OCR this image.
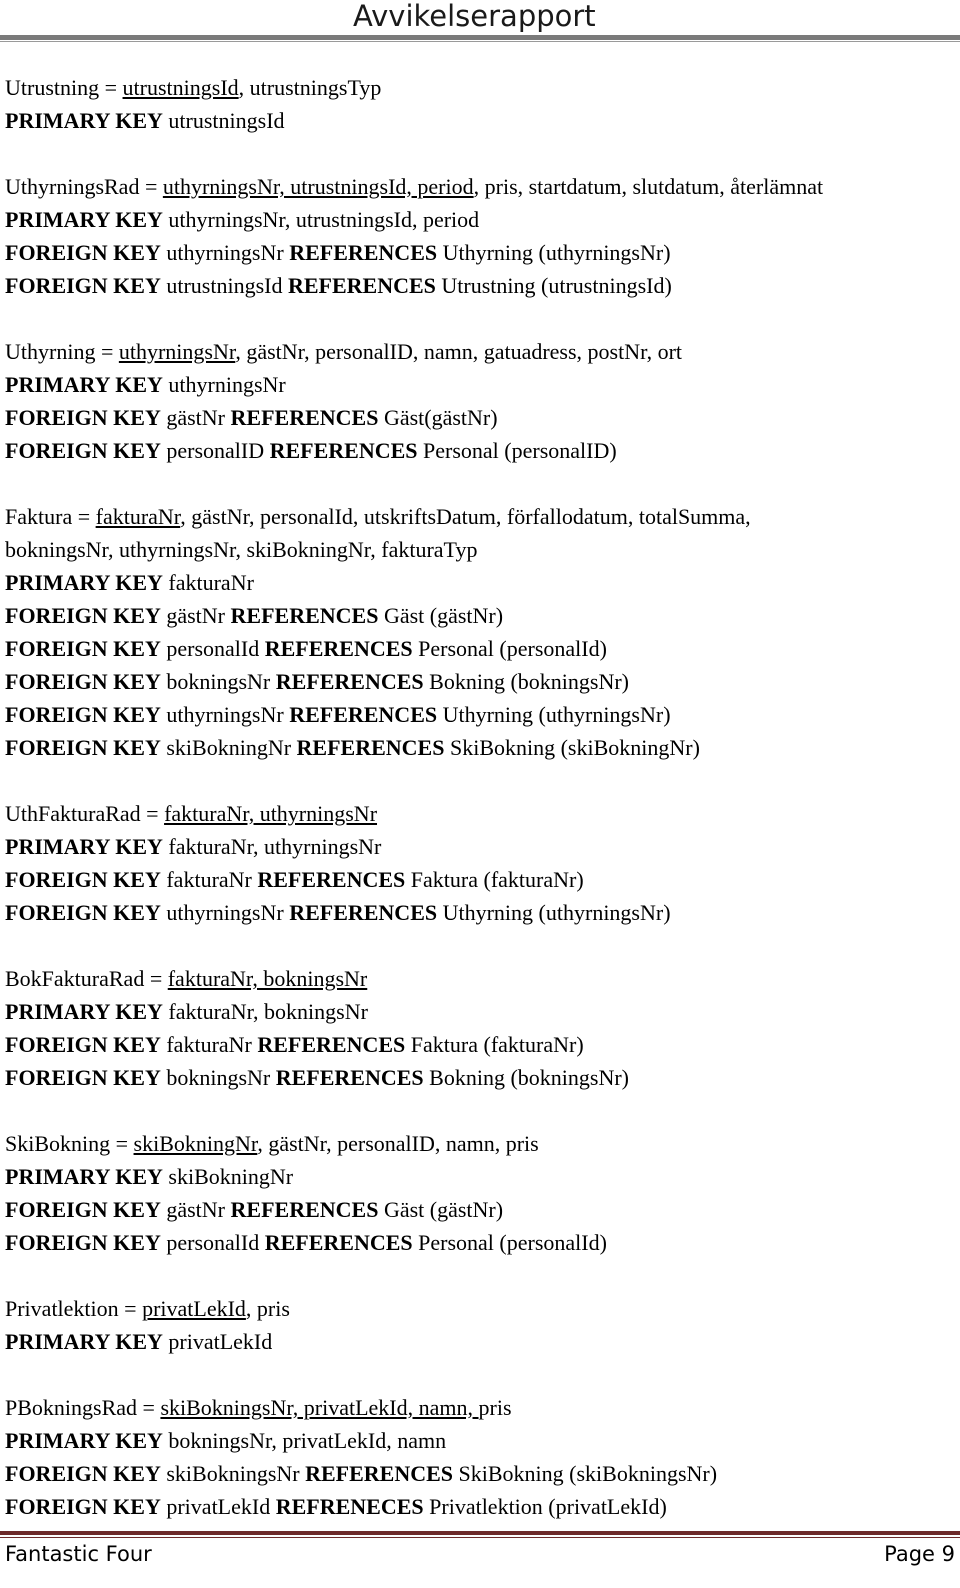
Avvikelserapport
Utrustning = utrustningsId, utrustningsTyp
PRIMARY KEY utrustningsId
UthyrningsRad = uthyrningsNr, utrustningsId, period, pris, startdatum, slutdatum, återlämnat
PRIMARY KEY uthyrningsNr, utrustningsId, period
FOREIGN KEY uthyrningsNr REFERENCES Uthyrning (uthyrningsNr)
FOREIGN KEY utrustningsId REFERENCES Utrustning (utrustningsId)
Uthyrning = uthyrningsNr, gästNr, personalID, namn, gatuadress, postNr, ort
PRIMARY KEY uthyrningsNr
FOREIGN KEY gästNr REFERENCES Gäst(gästNr)
FOREIGN KEY personalID REFERENCES Personal (personalID)
Faktura = fakturaNr, gästNr, personalId, utskriftsDatum, förfallodatum, totalSumma,
bokningsNr, uthyrningsNr, skiBokningNr, fakturaTyp
PRIMARY KEY fakturaNr
FOREIGN KEY gästNr REFERENCES Gäst (gästNr)
FOREIGN KEY personalId REFERENCES Personal (personalId)
FOREIGN KEY bokningsNr REFERENCES Bokning (bokningsNr)
FOREIGN KEY uthyrningsNr REFERENCES Uthyrning (uthyrningsNr)
FOREIGN KEY skiBokningNr REFERENCES SkiBokning (skiBokningNr)
UthFakturaRad = fakturaNr, uthyrningsNr
PRIMARY KEY fakturaNr, uthyrningsNr
FOREIGN KEY fakturaNr REFERENCES Faktura (fakturaNr)
FOREIGN KEY uthyrningsNr REFERENCES Uthyrning (uthyrningsNr)
BokFakturaRad = fakturaNr, bokningsNr
PRIMARY KEY fakturaNr, bokningsNr
FOREIGN KEY fakturaNr REFERENCES Faktura (fakturaNr)
FOREIGN KEY bokningsNr REFERENCES Bokning (bokningsNr)
SkiBokning = skiBokningNr, gästNr, personalID, namn, pris
PRIMARY KEY skiBokningNr
FOREIGN KEY gästNr REFERENCES Gäst (gästNr)
FOREIGN KEY personalId REFERENCES Personal (personalId)
Privatlektion = privatLekId, pris
PRIMARY KEY privatLekId
PBokningsRad = skiBokningsNr, privatLekId, namn, pris
PRIMARY KEY bokningsNr, privatLekId, namn
FOREIGN KEY skiBokningsNr REFERENCES SkiBokning (skiBokningsNr)
FOREIGN KEY privatLekId REFRENECES Privatlektion (privatLekId)
Fantastic Four	Page 9
